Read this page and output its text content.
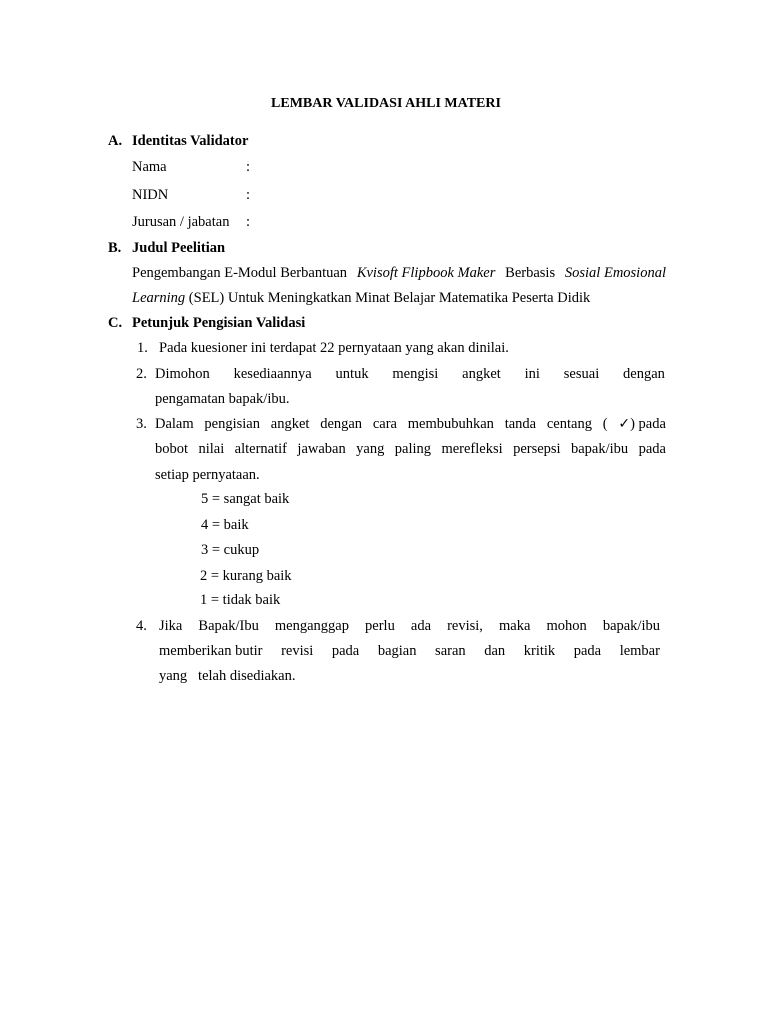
LEMBAR VALIDASI AHLI MATERI
A. Identitas Validator
Nama	:
NIDN	:
Jurusan / jabatan :
B. Judul Peelitian
Pengembangan E-Modul Berbantuan Kvisoft Flipbook Maker Berbasis Sosial Emosional
Learning (SEL) Untuk Meningkatkan Minat Belajar Matematika Peserta Didik
C. Petunjuk Pengisian Validasi
1. Pada kuesioner ini terdapat 22 pernyataan yang akan dinilai.
2. Dimohon kesediaannya untuk mengisi angket ini sesuai dengan
pengamatan bapak/ibu.
3. Dalam pengisian angket dengan cara membubuhkan tanda centang ( ✓) pada
bobot nilai alternatif jawaban yang paling merefleksi persepsi bapak/ibu pada
setiap pernyataan.
5 = sangat baik
4 = baik
3 = cukup
2 = kurang baik
1 = tidak baik
4. Jika Bapak/Ibu menganggap perlu ada revisi, maka mohon bapak/ibu
memberikan butir revisi pada bagian saran dan kritik pada lembar
yang   telah disediakan.
